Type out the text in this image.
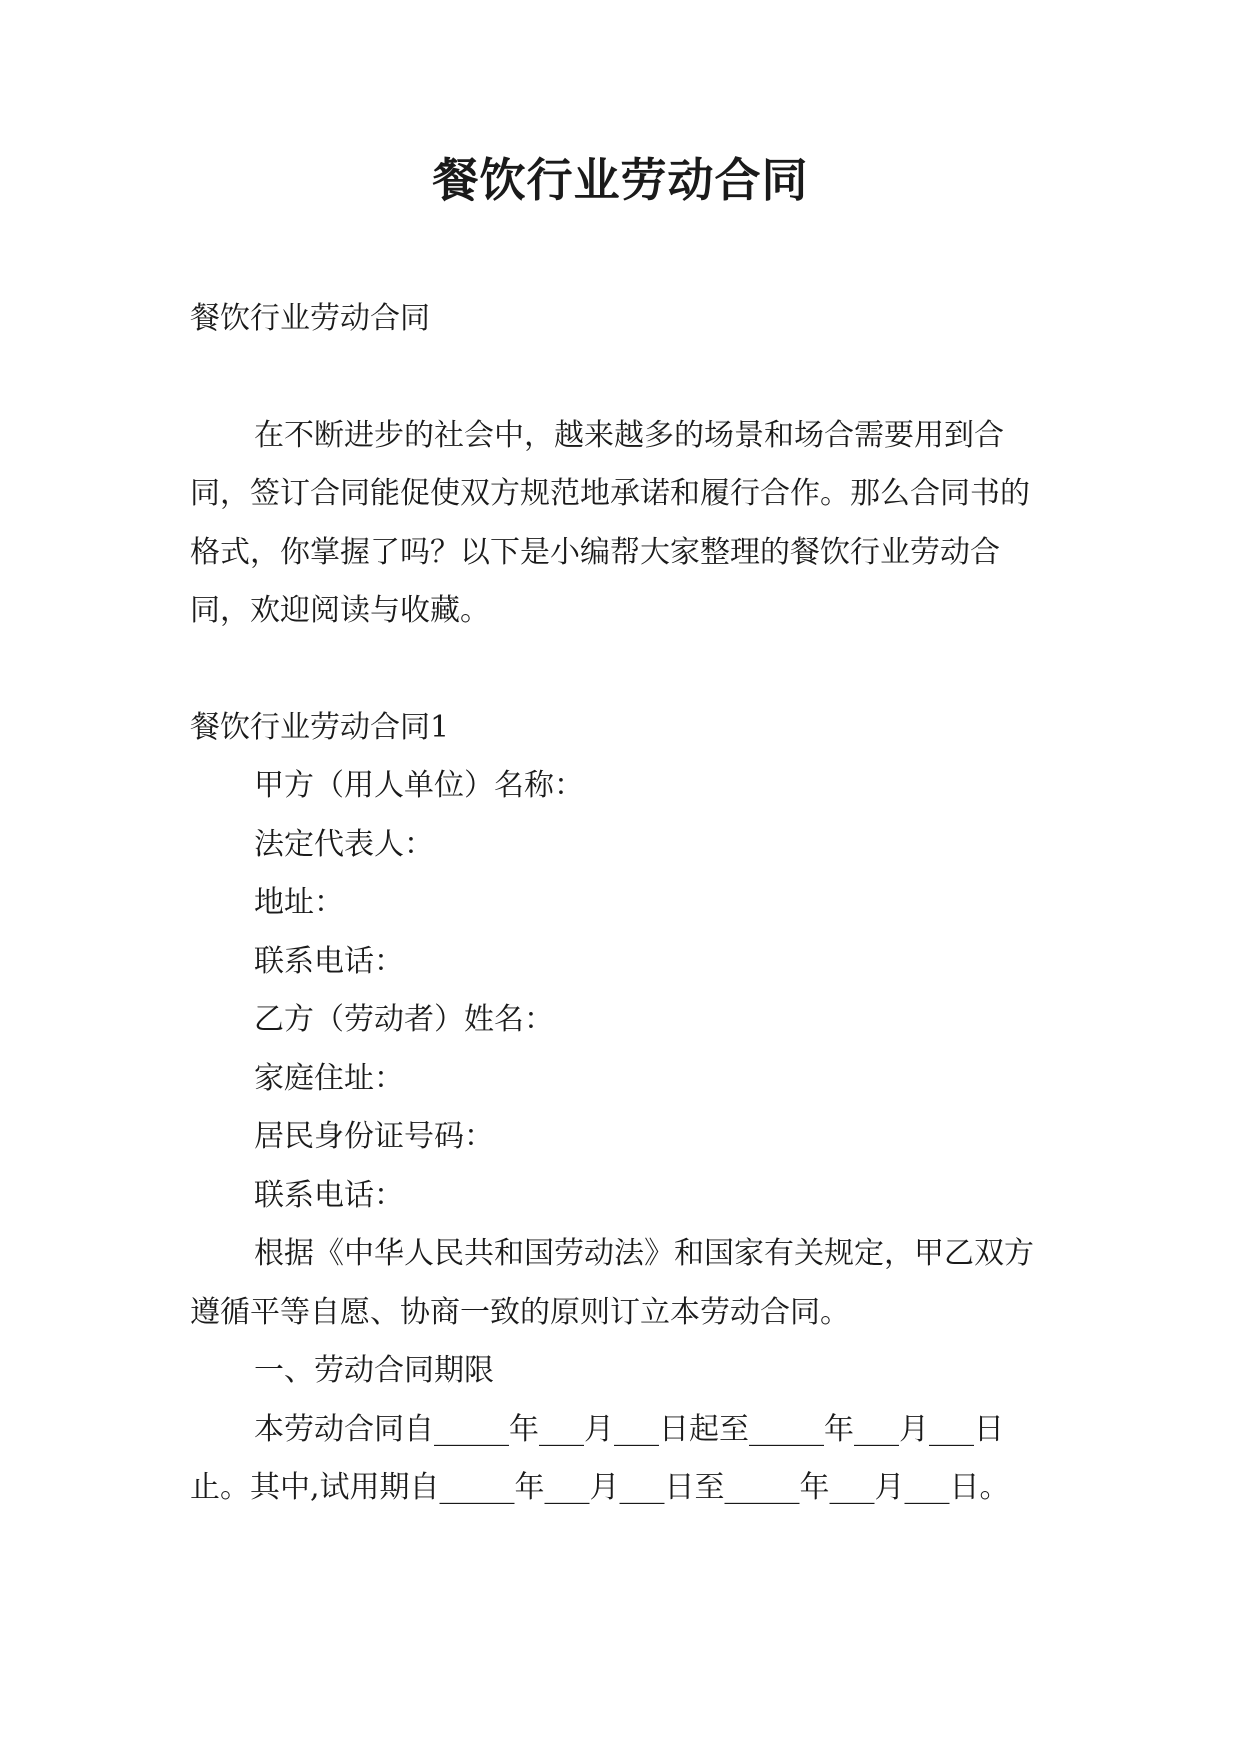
餐饮行业劳动合同

餐饮行业劳动合同

在不断进步的社会中，越来越多的场景和场合需要用到合同，签订合同能促使双方规范地承诺和履行合作。那么合同书的格式，你掌握了吗？以下是小编帮大家整理的餐饮行业劳动合同，欢迎阅读与收藏。

餐饮行业劳动合同1

甲方（用人单位）名称：

法定代表人：

地址：

联系电话：

乙方（劳动者）姓名：

家庭住址：

居民身份证号码：

联系电话：

根据《中华人民共和国劳动法》和国家有关规定，甲乙双方遵循平等自愿、协商一致的原则订立本劳动合同。

一、劳动合同期限

本劳动合同自_____年___月___日起至_____年___月___日止。其中,试用期自_____年___月___日至_____年___月___日。
